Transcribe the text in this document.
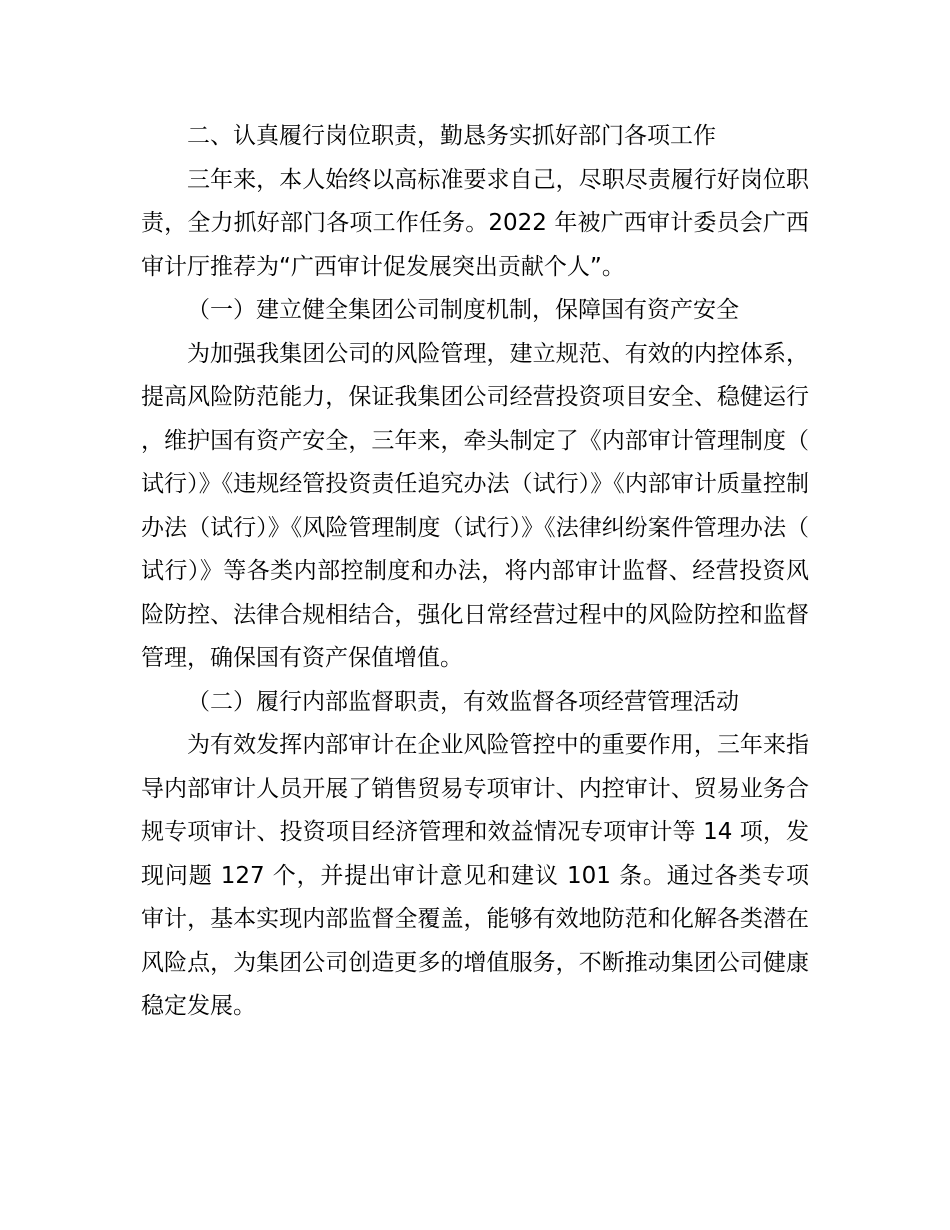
二、认真履行岗位职责，勤恳务实抓好部门各项工作

三年来，本人始终以高标准要求自己，尽职尽责履行好岗位职责，全力抓好部门各项工作任务。2022 年被广西审计委员会广西审计厅推荐为“广西审计促发展突出贡献个人”。

（一）建立健全集团公司制度机制，保障国有资产安全

为加强我集团公司的风险管理，建立规范、有效的内控体系，提高风险防范能力，保证我集团公司经营投资项目安全、稳健运行，维护国有资产安全，三年来，牵头制定了《内部审计管理制度（试行）》《违规经管投资责任追究办法（试行）》《内部审计质量控制办法（试行）》《风险管理制度（试行）》《法律纠纷案件管理办法（试行）》等各类内部控制度和办法，将内部审计监督、经营投资风险防控、法律合规相结合，强化日常经营过程中的风险防控和监督管理，确保国有资产保值增值。

（二）履行内部监督职责，有效监督各项经营管理活动

为有效发挥内部审计在企业风险管控中的重要作用，三年来指导内部审计人员开展了销售贸易专项审计、内控审计、贸易业务合规专项审计、投资项目经济管理和效益情况专项审计等 14 项，发现问题 127 个，并提出审计意见和建议 101 条。通过各类专项审计，基本实现内部监督全覆盖，能够有效地防范和化解各类潜在风险点，为集团公司创造更多的增值服务，不断推动集团公司健康稳定发展。
